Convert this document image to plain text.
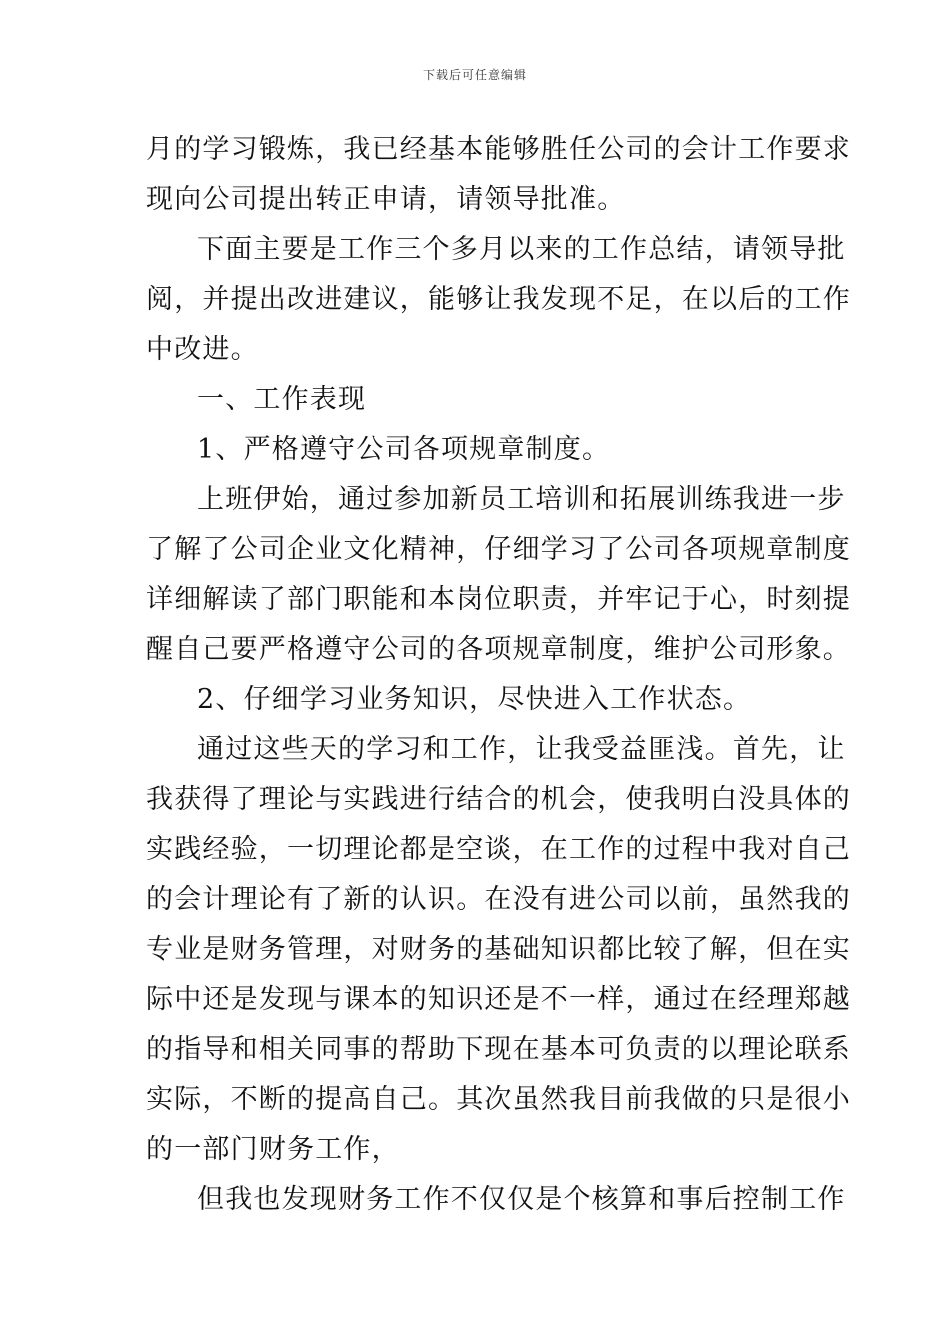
下载后可任意编辑
月的学习锻炼，我已经基本能够胜任公司的会计工作要求
现向公司提出转正申请，请领导批准。
下面主要是工作三个多月以来的工作总结，请领导批
阅，并提出改进建议，能够让我发现不足，在以后的工作
中改进。
一、工作表现
1、严格遵守公司各项规章制度。
上班伊始，通过参加新员工培训和拓展训练我进一步
了解了公司企业文化精神，仔细学习了公司各项规章制度
详细解读了部门职能和本岗位职责，并牢记于心，时刻提
醒自己要严格遵守公司的各项规章制度，维护公司形象。
2、仔细学习业务知识，尽快进入工作状态。
通过这些天的学习和工作，让我受益匪浅。首先，让
我获得了理论与实践进行结合的机会，使我明白没具体的
实践经验，一切理论都是空谈，在工作的过程中我对自己
的会计理论有了新的认识。在没有进公司以前，虽然我的
专业是财务管理，对财务的基础知识都比较了解，但在实
际中还是发现与课本的知识还是不一样，通过在经理郑越
的指导和相关同事的帮助下现在基本可负责的以理论联系
实际，不断的提高自己。其次虽然我目前我做的只是很小
的一部门财务工作，
但我也发现财务工作不仅仅是个核算和事后控制工作
